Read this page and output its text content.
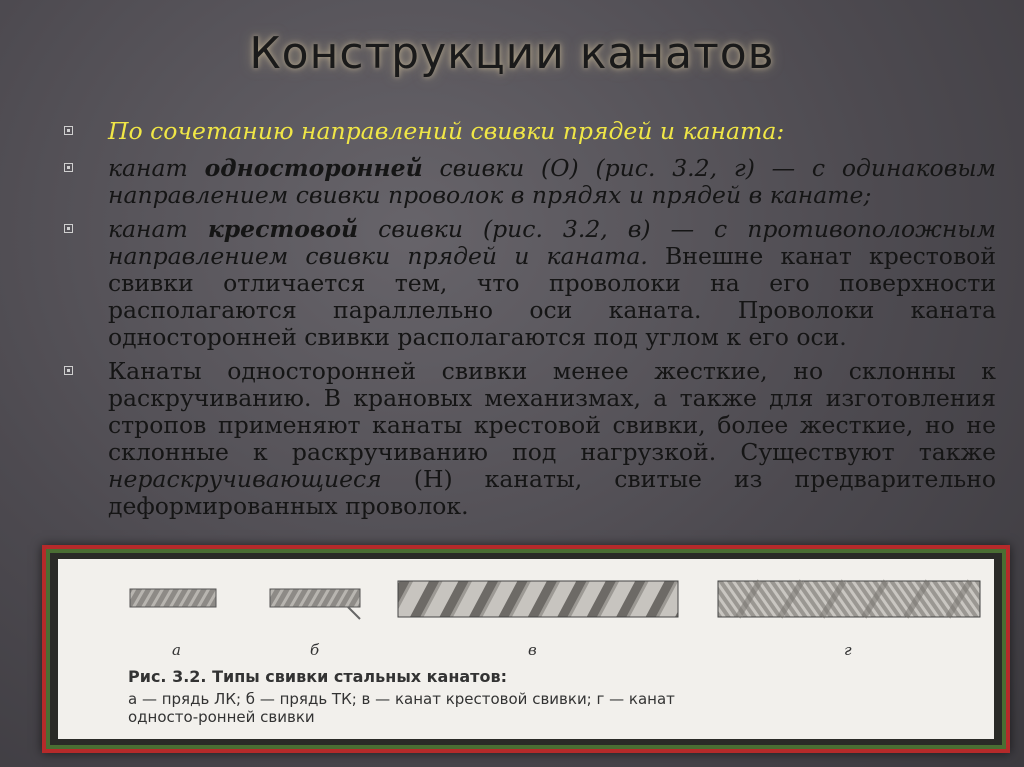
Конструкции канатов
По сочетанию направлений свивки прядей и каната:
канат односторонней свивки (О) (рис. 3.2, г) — с одинаковым направлением свивки проволок в прядях и прядей в канате;
канат крестовой свивки (рис. 3.2, в) — с противоположным направлением свивки прядей и каната. Внешне канат крестовой свивки отличается тем, что проволоки на его поверхности располагаются параллельно оси каната. Проволоки каната односторонней свивки располагаются под углом к его оси.
Канаты односторонней свивки менее жесткие, но склонны к раскручиванию. В крановых механизмах, а также для изготовления стропов применяют канаты крестовой свивки, более жесткие, но не склонные к раскручиванию под нагрузкой. Существуют также нераскручивающиеся (Н) канаты, свитые из предварительно деформированных проволок.
а	б	в	г
Рис. 3.2. Типы свивки стальных канатов:
а — прядь ЛК; б — прядь ТК; в — канат крестовой свивки; г — канат односто-ронней свивки
